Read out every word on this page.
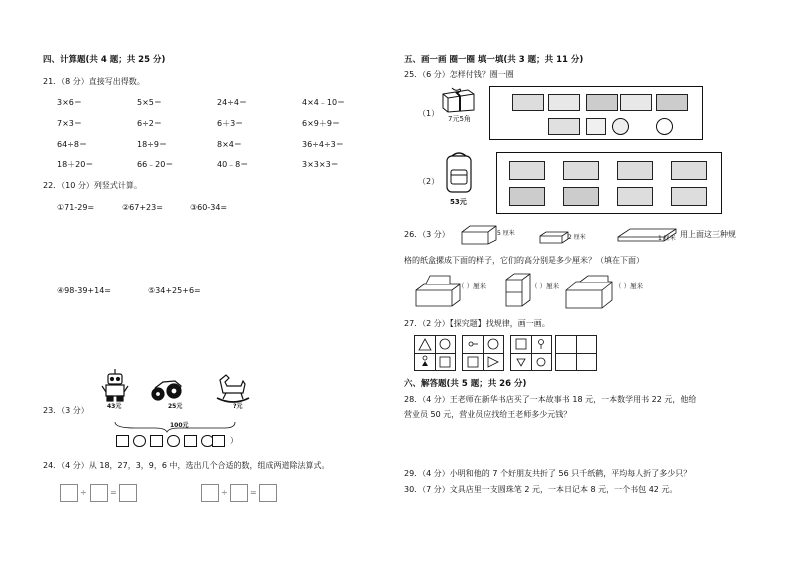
四、计算题(共 4 题；共 25 分)
21．（8 分）直接写出得数。
3×6＝	5×5＝	24÷4＝	4×4﹣10＝
7×3＝	6÷2＝	6＋3＝	6×9＋9＝
64÷8＝	18÷9＝	8×4＝	36÷4÷3＝
18＋20＝	66﹣20＝	40﹣8＝	3×3×3＝
22．（10 分）列竖式计算。
①71-29=	②67+23=	③60-34=
④98-39+14=	⑤34+25+6=
23．（3 分）	43元	25元	?元
100元
）
24．（4 分）从 18，27，3，9，6 中，选出几个合适的数，组成两道除法算式。
÷	=	÷	=
五、画一画 圈一圈 填一填(共 3 题；共 11 分)
25．（6 分）怎样付钱？圈一圈
（1）
7元5角
（2）
53元
26．（3 分）	5 厘米
2 厘米	1 厘米 用上面这三种规
格的纸盒摞成下面的样子，它们的高分别是多少厘米？（填在下面）
（ ）厘米	（ ）厘米	（ ）厘米
27．（2 分）【探究题】找规律，画一画。
六、解答题(共 5 题；共 26 分)
28．（4 分）王老师在新华书店买了一本故事书 18 元，一本数学用书 22 元，他给
营业员 50 元，营业员应找给王老师多少元钱？
29．（4 分）小明和他的 7 个好朋友共折了 56 只千纸鹤，平均每人折了多少只？
30．（7 分）文具店里一支圆珠笔 2 元，一本日记本 8 元，一个书包 42 元。
